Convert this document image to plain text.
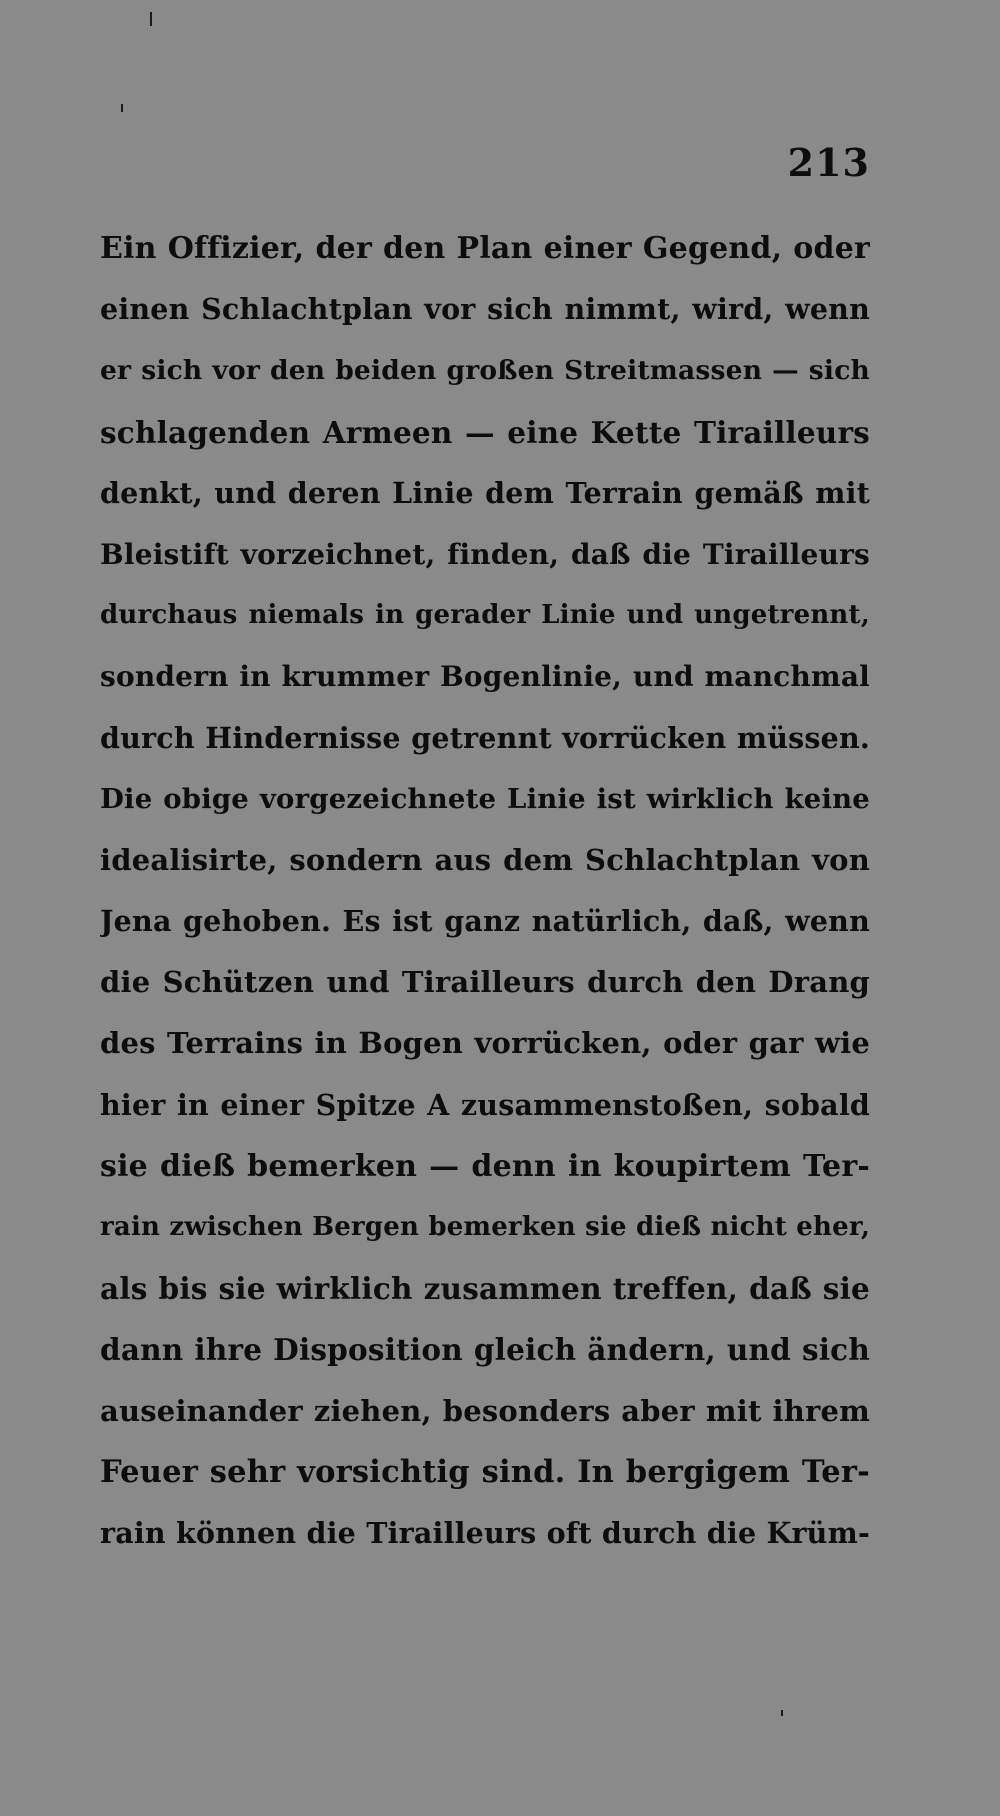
213
Ein Offizier, der den Plan einer Gegend, oder
einen Schlachtplan vor sich nimmt, wird, wenn
er sich vor den beiden großen Streitmassen — sich
schlagenden Armeen — eine Kette Tirailleurs
denkt, und deren Linie dem Terrain gemäß mit
Bleistift vorzeichnet, finden, daß die Tirailleurs
durchaus niemals in gerader Linie und ungetrennt,
sondern in krummer Bogenlinie, und manchmal
durch Hindernisse getrennt vorrücken müssen.
Die obige vorgezeichnete Linie ist wirklich keine
idealisirte, sondern aus dem Schlachtplan von
Jena gehoben. Es ist ganz natürlich, daß, wenn
die Schützen und Tirailleurs durch den Drang
des Terrains in Bogen vorrücken, oder gar wie
hier in einer Spitze A zusammenstoßen, sobald
sie dieß bemerken — denn in koupirtem Ter-
rain zwischen Bergen bemerken sie dieß nicht eher,
als bis sie wirklich zusammen treffen, daß sie
dann ihre Disposition gleich ändern, und sich
auseinander ziehen, besonders aber mit ihrem
Feuer sehr vorsichtig sind. In bergigem Ter-
rain können die Tirailleurs oft durch die Krüm-
